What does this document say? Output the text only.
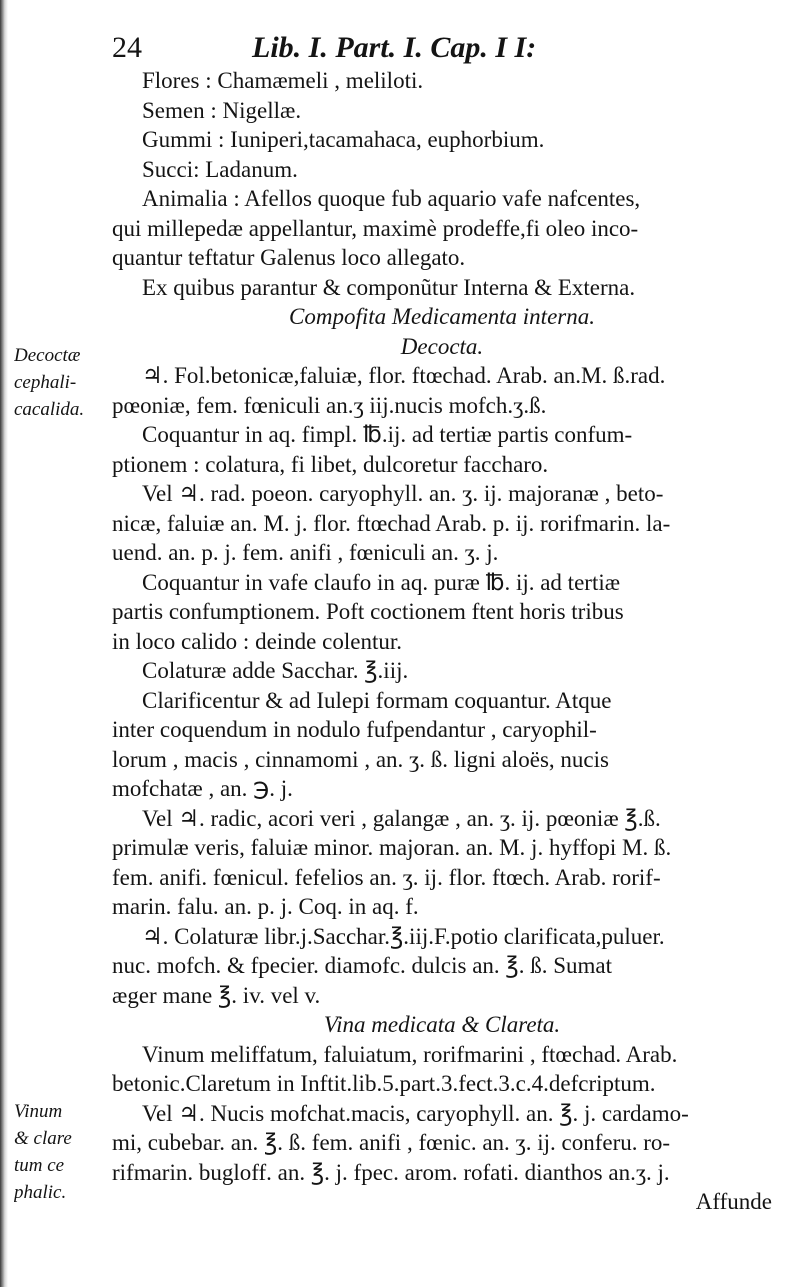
24	Lib. I. Part. I. Cap. I I:
Flores : Chamæmeli , meliloti.
Semen : Nigellæ.
Gummi : Iuniperi,tacamahaca, euphorbium.
Succi: Ladanum.
Animalia : Afellos quoque fub aquario vafe nafcentes,
qui millepedæ appellantur, maximè prodeffe,fi oleo inco-
quantur teftatur Galenus loco allegato.
Ex quibus parantur & componũtur Interna & Externa.
Compofita Medicamenta interna.
Decocta.
♃. Fol.betonicæ,faluiæ, flor. ftœchad. Arab. an.M. ß.rad.
pœoniæ, fem. fœniculi an.ʒ iij.nucis mofch.ʒ.ß.
Coquantur in aq. fimpl. ℔.ij. ad tertiæ partis confum-
ptionem : colatura, fi libet, dulcoretur faccharo.
Vel ♃. rad. poeon. caryophyll. an. ʒ. ij. majoranæ , beto-
nicæ, faluiæ an. M. j. flor. ftœchad Arab. p. ij. rorifmarin. la-
uend. an. p. j. fem. anifi , fœniculi an. ʒ. j.
Coquantur in vafe claufo in aq. puræ ℔. ij. ad tertiæ
partis confumptionem. Poft coctionem ftent horis tribus
in loco calido : deinde colentur.
Colaturæ adde Sacchar. ℥.iij.
Clarificentur & ad Iulepi formam coquantur. Atque
inter coquendum in nodulo fufpendantur , caryophil-
lorum , macis , cinnamomi , an. ʒ. ß. ligni aloës, nucis
mofchatæ , an. ℈. j.
Vel ♃. radic, acori veri , galangæ , an. ʒ. ij. pœoniæ ℥.ß.
primulæ veris, faluiæ minor. majoran. an. M. j. hyffopi M. ß.
fem. anifi. fœnicul. fefelios an. ʒ. ij. flor. ftœch. Arab. rorif-
marin. falu. an. p. j. Coq. in aq. f.
♃. Colaturæ libr.j.Sacchar.℥.iij.F.potio clarificata,puluer.
nuc. mofch. & fpecier. diamofc. dulcis an. ℥. ß. Sumat
æger mane ℥. iv. vel v.
Vina medicata & Clareta.
Vinum meliffatum, faluiatum, rorifmarini , ftœchad. Arab.
betonic.Claretum in Inftit.lib.5.part.3.fect.3.c.4.defcriptum.
Vel ♃. Nucis mofchat.macis, caryophyll. an. ℥. j. cardamo-
mi, cubebar. an. ℥. ß. fem. anifi , fœnic. an. ʒ. ij. conferu. ro-
rifmarin. bugloff. an. ℥. j. fpec. arom. rofati. dianthos an.ʒ. j.
Affunde
Decoctæ
cephali-
cacalida.
Vinum
& clare
tum ce
phalic.
